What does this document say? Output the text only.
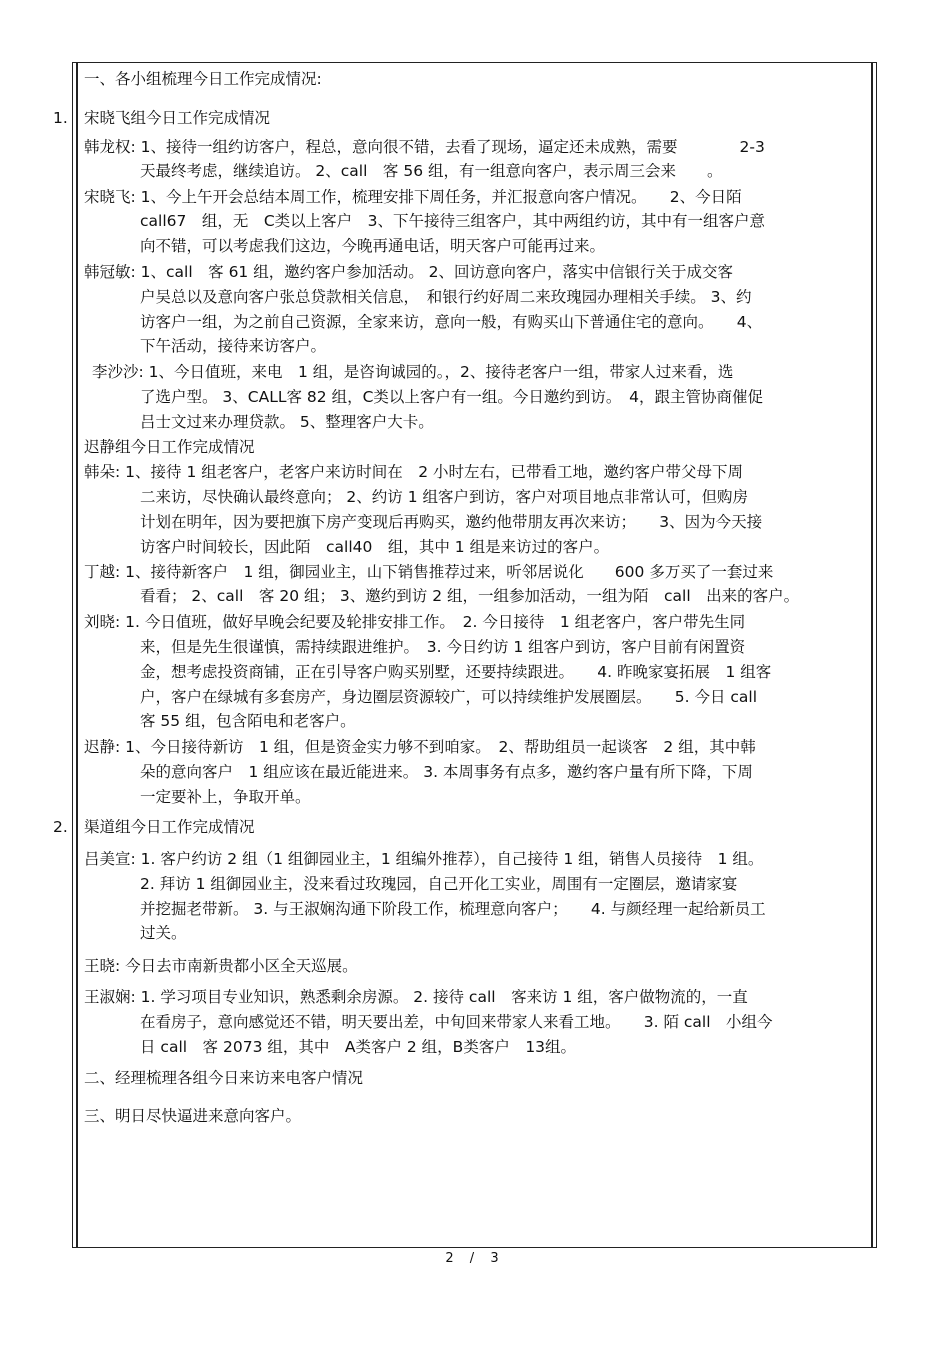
一、各小组梳理今日工作完成情况:
1. 宋晓飞组今日工作完成情况
韩龙权: 1、接待一组约访客户，程总，意向很不错，去看了现场，逼定还未成熟，需要　　　　2-3
天最终考虑，继续追访。 2、call　客 56 组，有一组意向客户，表示周三会来　　。
宋晓飞: 1、今上午开会总结本周工作，梳理安排下周任务，并汇报意向客户情况。　　2、今日陌
call67　组，无　C类以上客户　3、下午接待三组客户，其中两组约访，其中有一组客户意
向不错，可以考虑我们这边，今晚再通电话，明天客户可能再过来。
韩冠敏: 1、call　客 61 组，邀约客户参加活动。 2、回访意向客户，落实中信银行关于成交客
户吴总以及意向客户张总贷款相关信息，　和银行约好周二来玫瑰园办理相关手续。 3、约
访客户一组，为之前自己资源，全家来访，意向一般，有购买山下普通住宅的意向。　　4、
下午活动，接待来访客户。
李沙沙: 1、今日值班，来电　1 组，是咨询诚园的。，2、接待老客户一组，带家人过来看，选
了选户型。 3、CALL客 82 组，C类以上客户有一组。今日邀约到访。　4，跟主管协商催促
吕士文过来办理贷款。 5、整理客户大卡。
迟静组今日工作完成情况
韩朵: 1、接待 1 组老客户，老客户来访时间在　2 小时左右，已带看工地，邀约客户带父母下周
二来访，尽快确认最终意向； 2、约访 1 组客户到访，客户对项目地点非常认可，但购房
计划在明年，因为要把旗下房产变现后再购买，邀约他带朋友再次来访；　　3、因为今天接
访客户时间较长，因此陌　call40　组，其中 1 组是来访过的客户。
丁越: 1、接待新客户　1 组，御园业主，山下销售推荐过来，听邻居说化　　600 多万买了一套过来
看看； 2、call　客 20 组； 3、邀约到访 2 组，一组参加活动，一组为陌　call　出来的客户。
刘晓: 1. 今日值班，做好早晚会纪要及轮排安排工作。　2. 今日接待　1 组老客户，客户带先生同
来，但是先生很谨慎，需持续跟进维护。　3. 今日约访 1 组客户到访，客户目前有闲置资
金，想考虑投资商铺，正在引导客户购买别墅，还要持续跟进。　　4. 昨晚家宴拓展　1 组客
户，客户在绿城有多套房产，身边圈层资源较广，可以持续维护发展圈层。　　5. 今日 call
客 55 组，包含陌电和老客户。
迟静: 1、今日接待新访　1 组，但是资金实力够不到咱家。　2、帮助组员一起谈客　2 组，其中韩
朵的意向客户　1 组应该在最近能进来。 3. 本周事务有点多，邀约客户量有所下降，下周
一定要补上，争取开单。
2. 渠道组今日工作完成情况
吕美宣: 1. 客户约访 2 组（1 组御园业主，1 组编外推荐），自己接待 1 组，销售人员接待　1 组。
2. 拜访 1 组御园业主，没来看过玫瑰园，自己开化工实业，周围有一定圈层，邀请家宴
并挖掘老带新。 3. 与王淑娴沟通下阶段工作，梳理意向客户；　　4. 与颜经理一起给新员工
过关。
王晓: 今日去市南新贵都小区全天巡展。
王淑娴: 1. 学习项目专业知识，熟悉剩余房源。 2. 接待 call　客来访 1 组，客户做物流的，一直
在看房子，意向感觉还不错，明天要出差，中旬回来带家人来看工地。　　3. 陌 call　小组今
日 call　客 2073 组，其中　A类客户 2 组，B类客户　13组。
二、经理梳理各组今日来访来电客户情况
三、明日尽快逼进来意向客户。
2 / 3
